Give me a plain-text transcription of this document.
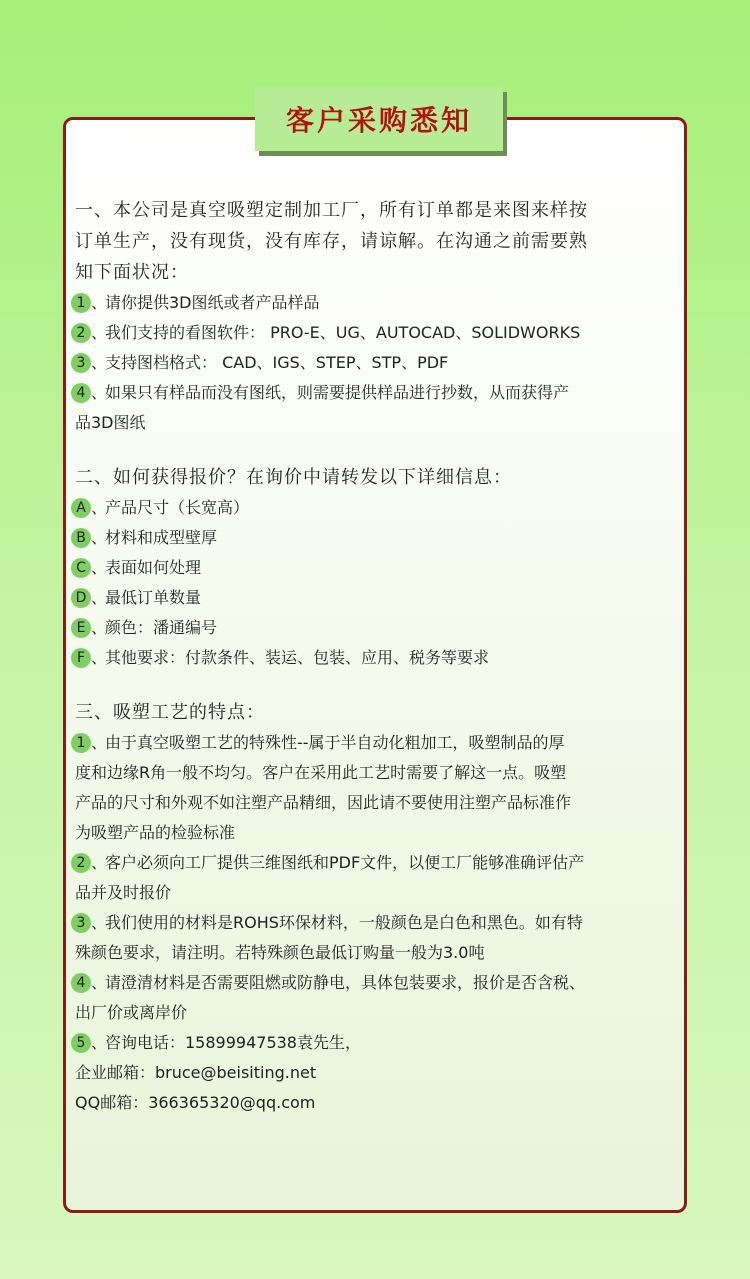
客户采购悉知
一、本公司是真空吸塑定制加工厂，所有订单都是来图来样按
订单生产，没有现货，没有库存，请谅解。在沟通之前需要熟
知下面状况：
1 、
请你提供3D图纸或者产品样品
2 、
我们支持的看图软件： PRO-E、UG、AUTOCAD、SOLIDWORKS
3 、
支持图档格式： CAD、IGS、STEP、STP、PDF
4 、
如果只有样品而没有图纸，则需要提供样品进行抄数，从而获得产
品3D图纸
二、如何获得报价？在询价中请转发以下详细信息：
A 、
产品尺寸（长宽高）
B 、
材料和成型壁厚
C 、
表面如何处理
D 、
最低订单数量
E 、
颜色：潘通编号
F 、
其他要求：付款条件、装运、包装、应用、税务等要求
三、吸塑工艺的特点：
1 、
由于真空吸塑工艺的特殊性--属于半自动化粗加工，吸塑制品的厚
度和边缘R角一般不均匀。客户在采用此工艺时需要了解这一点。吸塑
产品的尺寸和外观不如注塑产品精细，因此请不要使用注塑产品标准作
为吸塑产品的检验标准
2 、
客户必须向工厂提供三维图纸和PDF文件，以便工厂能够准确评估产
品并及时报价
3 、
我们使用的材料是ROHS环保材料，一般颜色是白色和黑色。如有特
殊颜色要求，请注明。若特殊颜色最低订购量一般为3.0吨
4 、
请澄清材料是否需要阻燃或防静电，具体包装要求，报价是否含税、
出厂价或离岸价
5 、
咨询电话：15899947538袁先生，
企业邮箱：bruce@beisiting.net
QQ邮箱：366365320@qq.com
